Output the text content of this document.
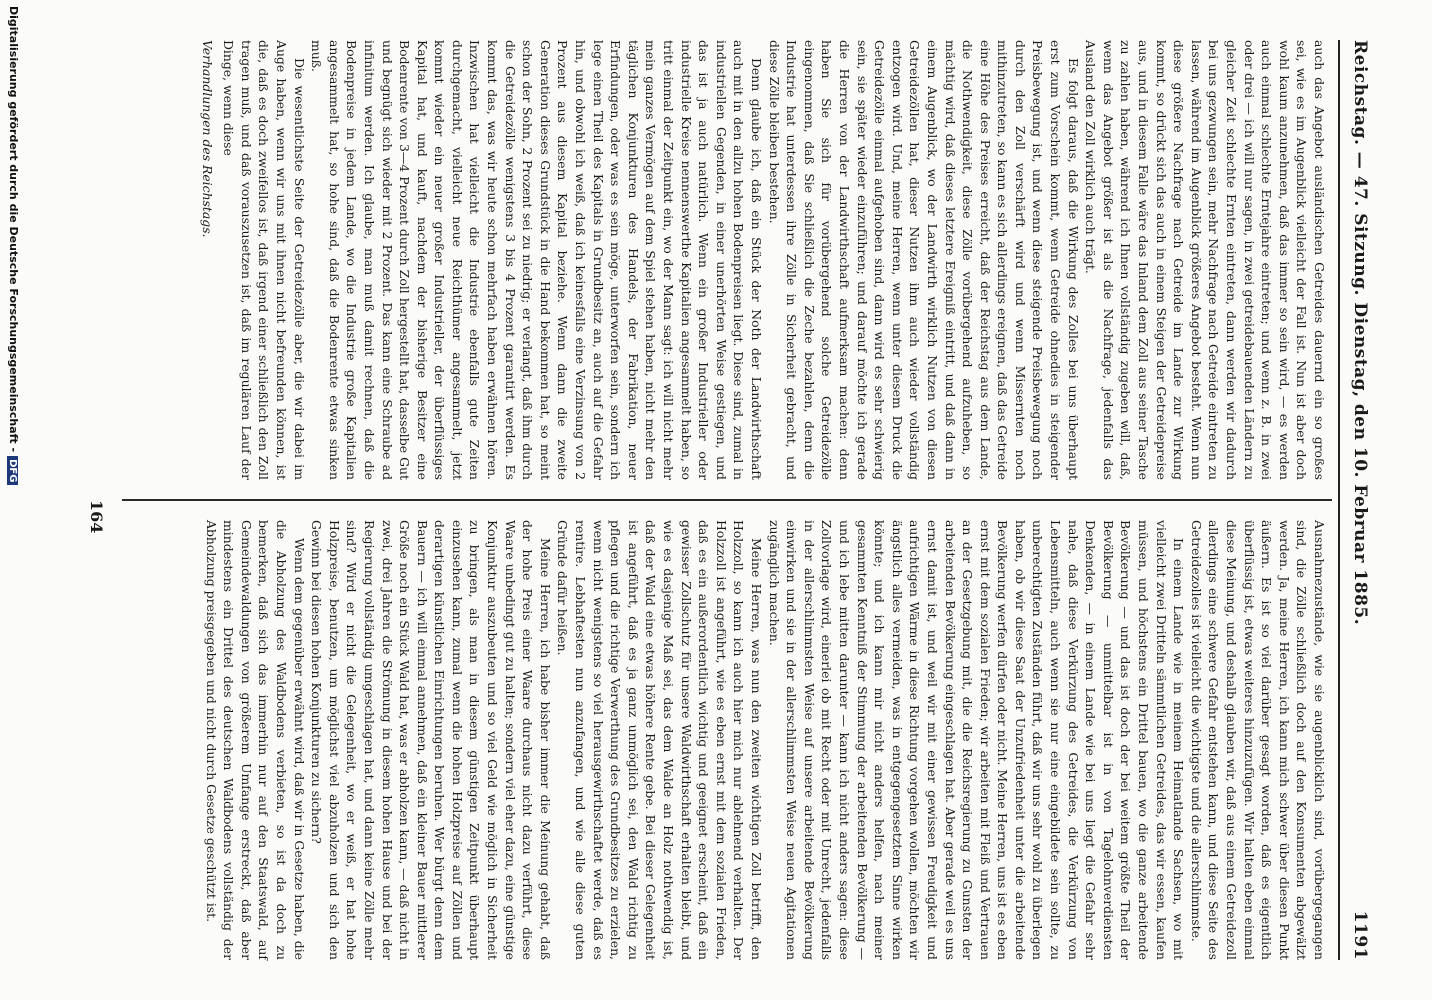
Digitalisierung gefördert durch die Deutsche Forschungsgemeinschaft -DFG	Reichstag. — 47. Sitzung. Dienstag, den 10. Februar 1885.
1191

auch das Angebot ausländischen Getreides dauernd ein so großes sei, wie es im Augenblick vielleicht der Fall ist. Nun ist aber doch wohl kaum anzunehmen, daß das immer so sein wird, — es werden auch einmal schlechte Erntejahre eintreten; und wenn z. B. in zwei oder drei — ich will nur sagen, in zwei getreidebauenden Ländern zu gleicher Zeit schlechte Ernten eintreten, dann werden wir dadurch bei uns gezwungen sein, mehr Nachfrage nach Getreide eintreten zu lassen, während im Augenblick größeres Angebot besteht. Wenn nun diese größere Nachfrage nach Getreide im Lande zur Wirkung kommt, so drückt sich das auch in einem Steigen der Getreidepreise aus, und in diesem Falle wäre das Inland dem Zoll aus seiner Tasche zu zahlen haben, während ich Ihnen vollständig zugeben will, daß, wenn das Angebot größer ist als die Nachfrage, jedenfalls das Ausland den Zoll wirklich auch trägt.

Es folgt daraus, daß die Wirkung des Zolles bei uns überhaupt erst zum Vorschein kommt, wenn Getreide ohnedies in steigender Preisbewegung ist, und wenn diese steigende Preisbewegung noch durch den Zoll verschärft wird und wenn Missernten noch mithinzutreten, so kann es sich allerdings ereignen, daß das Getreide eine Höhe des Preises erreicht, daß der Reichstag aus dem Lande, die Nothwendigkeit, diese Zölle vorübergehend aufzuheben, so mächtig wird, daß dieses letztere Ereigniß eintritt, und daß dann in einem Augenblick, wo der Landwirth wirklich Nutzen von diesen Getreidezöllen hat, dieser Nutzen ihm auch wieder vollständig entzogen wird. Und, meine Herren, wenn unter diesem Druck die Getreidezölle einmal aufgehoben sind, dann wird es sehr schwierig sein, sie später wieder einzuführen; und darauf möchte ich gerade die Herren von der Landwirthschaft aufmerksam machen: denn haben Sie sich für vorübergehend solche Getreidezölle eingenommen, daß Sie schließlich die Zeche bezahlen, denn die Industrie hat unterdessen ihre Zölle in Sicherheit gebracht, und diese Zölle bleiben bestehen.

Denn glaube ich, daß ein Stück der Noth der Landwirthschaft auch mit in den allzu hohen Bodenpreisen liegt. Diese sind, zumal in industriellen Gegenden, in einer unerhörten Weise gestiegen, und das ist ja auch natürlich. Wenn ein großer Industrieller oder industrielle Kreise nennenswerthe Kapitalien angesammelt haben, so tritt einmal der Zeitpunkt ein, wo der Mann sagt: ich will nicht mehr mein ganzes Vermögen auf dem Spiel stehen haben, nicht mehr den täglichen Konjunkturen des Handels, der Fabrikation, neuer Erfindungen, oder was es sein möge, unterworfen sein, sondern ich lege einen Theil des Kapitals in Grundbesitz an, auch auf die Gefahr hin, und obwohl ich weiß, daß ich keinesfalls eine Verzinsung von 2 Prozent aus diesem Kapital beziehe. Wenn dann die zweite Generation dieses Grundstück in die Hand bekommen hat, so meint schon der Sohn, 2 Prozent sei zu niedrig; er verlangt, daß ihm durch die Getreidezölle wenigstens 3 bis 4 Prozent garantirt werden. Es kommt das, was wir heute schon mehrfach haben erwähnen hören. Inzwischen hat vielleicht die Industrie ebenfalls gute Zeiten durchgemacht, vielleicht neue Reichthümer angesammelt, jetzt kommt wieder ein neuer großer Industrieller, der überflüssiges Kapital hat, und kauft, nachdem der bisherige Besitzer eine Bodenrente von 3—4 Prozent durch Zoll hergestellt hat, dasselbe Gut und begnügt sich wieder mit 2 Prozent. Das kann eine Schraube ad infinitum werden. Ich glaube, man muß damit rechnen, daß die Bodenpreise in jedem Lande, wo die Industrie große Kapitalien angesammelt hat, so hohe sind, daß die Bodenrente etwas sinken muß.

Die wesentlichste Seite der Getreidezölle aber, die wir dabei im Auge haben, wenn wir uns mit ihnen nicht befreunden können, ist die, daß es doch zweifellos ist, daß irgend einer schließlich den Zoll tragen muß, und daß vorauszusetzen ist, daß im regulären Lauf der Dinge, wenn diese

Verhandlungen des Reichstags.

Ausnahmezustände, wie sie augenblicklich sind, vorübergegangen sind, die Zölle schließlich doch auf den Konsumenten abgewälzt werden. Ja, meine Herren, ich kann mich schwer über diesen Punkt äußern. Es ist so viel darüber gesagt worden, daß es eigentlich überflüssig ist, etwas weiteres hinzuzufügen. Wir halten eben einmal diese Meinung, und deshalb glauben wir, daß aus einem Getreidezoll allerdings eine schwere Gefahr entstehen kann, und diese Seite des Getreidezolles ist vielleicht die wichtigste und die allerschlimmste.

In einem Lande wie in meinem Heimatlande Sachsen, wo mit vielleicht zwei Dritteln sämmtlichen Getreides, das wir essen, kaufen müssen, und höchstens ein Drittel bauen, wo die ganze arbeitende Bevölkerung — und das ist doch der bei weitem größte Theil der Bevölkerung — unmittelbar ist in von Tagelohnverdiensten Denkenden, — in einem Lande wie bei uns liegt die Gefahr sehr nahe, daß diese Verkürzung des Getreides, die Verkürzung von Lebensmitteln, auch wenn sie nur eine eingebildete sein sollte, zu unberechtigten Zuständen führt, daß wir uns sehr wohl zu überlegen haben, ob wir diese Saat der Unzufriedenheit unter die arbeitende Bevölkerung werfen dürfen oder nicht. Meine Herren, uns ist es eben ernst mit dem sozialen Frieden; wir arbeiten mit Fleiß und Vertrauen an der Gesetzgebung mit, die die Reichsregierung zu Gunsten der arbeitenden Bevölkerung eingeschlagen hat. Aber gerade weil es uns ernst damit ist, und weil wir mit einer gewissen Freudigkeit und aufrichtigen Wärme in diese Richtung vorgehen wollen, möchten wir ängstlich alles vermeiden, was in entgegengesetztem Sinne wirken könnte; und ich kann mir nicht anders helfen, nach meiner gesammten Kenntniß der Stimmung der arbeitenden Bevölkerung — und ich lebe mitten darunter — kann ich nicht anders sagen: diese Zollvorlage wird, einerlei ob mit Recht oder mit Unrecht, jedenfalls in der allerschlimmsten Weise auf unsere arbeitende Bevölkerung einwirken und sie in der allerschlimmsten Weise neuen Agitationen zugänglich machen.

Meine Herren, was nun den zweiten wichtigen Zoll betrifft, den Holzzoll, so kann ich auch hier mich nur ablehnend verhalten. Der Holzzoll ist angeführt, wie es eben ernst mit dem sozialen Frieden, daß es ein außerordentlich wichtig und geeignet erscheint, daß ein gewisser Zollschutz für unsere Waldwirthschaft erhalten bleibt, und wie es dasjenige Maß sei, das dem Walde an Holz nothwendig ist, daß der Wald eine etwas höhere Rente gebe. Bei dieser Gelegenheit ist angeführt, daß es ja ganz unmöglich sei, den Wald richtig zu pflegen und die richtige Verwerthung des Grundbesitzes zu erzielen, wenn nicht wenigstens so viel herausgewirthschaftet werde, daß es rentire. Lebhaftesten nun anzufangen, und wie alle diese guten Gründe dafür heißen.

Meine Herren, ich habe bisher immer die Meinung gehabt, daß der hohe Preis einer Waare durchaus nicht dazu verführt, diese Waare unbedingt gut zu halten; sondern viel eher dazu, eine günstige Konjunktur auszubeuten und so viel Geld wie möglich in Sicherheit zu bringen, als man in diesem günstigen Zeitpunkt überhaupt einzusehen kann, zumal wenn die hohen Holzpreise auf Zöllen und derartigen künstlichen Einrichtungen beruhen. Wer bürgt denn dem Bauern — ich will einmal annehmen, daß ein kleiner Bauer mittlerer Größe noch ein Stück Wald hat, was er abholzen kann, — daß nicht in zwei, drei Jahren die Strömung in diesem hohen Hause und bei der Regierung vollständig umgeschlagen hat, und dann keine Zölle mehr sind? Wird er nicht die Gelegenheit, wo er weiß, er hat hohe Holzpreise, benutzen, um möglichst viel abzuholzen und sich den Gewinn bei diesen hohen Konjunkturen zu sichern?

Wenn dem gegenüber erwähnt wird, daß wir in Gesetze haben, die die Abholzung des Waldbodens verbieten, so ist da doch zu bemerken, daß sich das immerhin nur auf den Staatswald, auf Gemeindewaldungen von größerem Umfange erstreckt, daß aber mindestens ein Drittel des deutschen Waldbodens vollständig der Abholzung preisgegeben und nicht durch Gesetze geschützt ist.

164
